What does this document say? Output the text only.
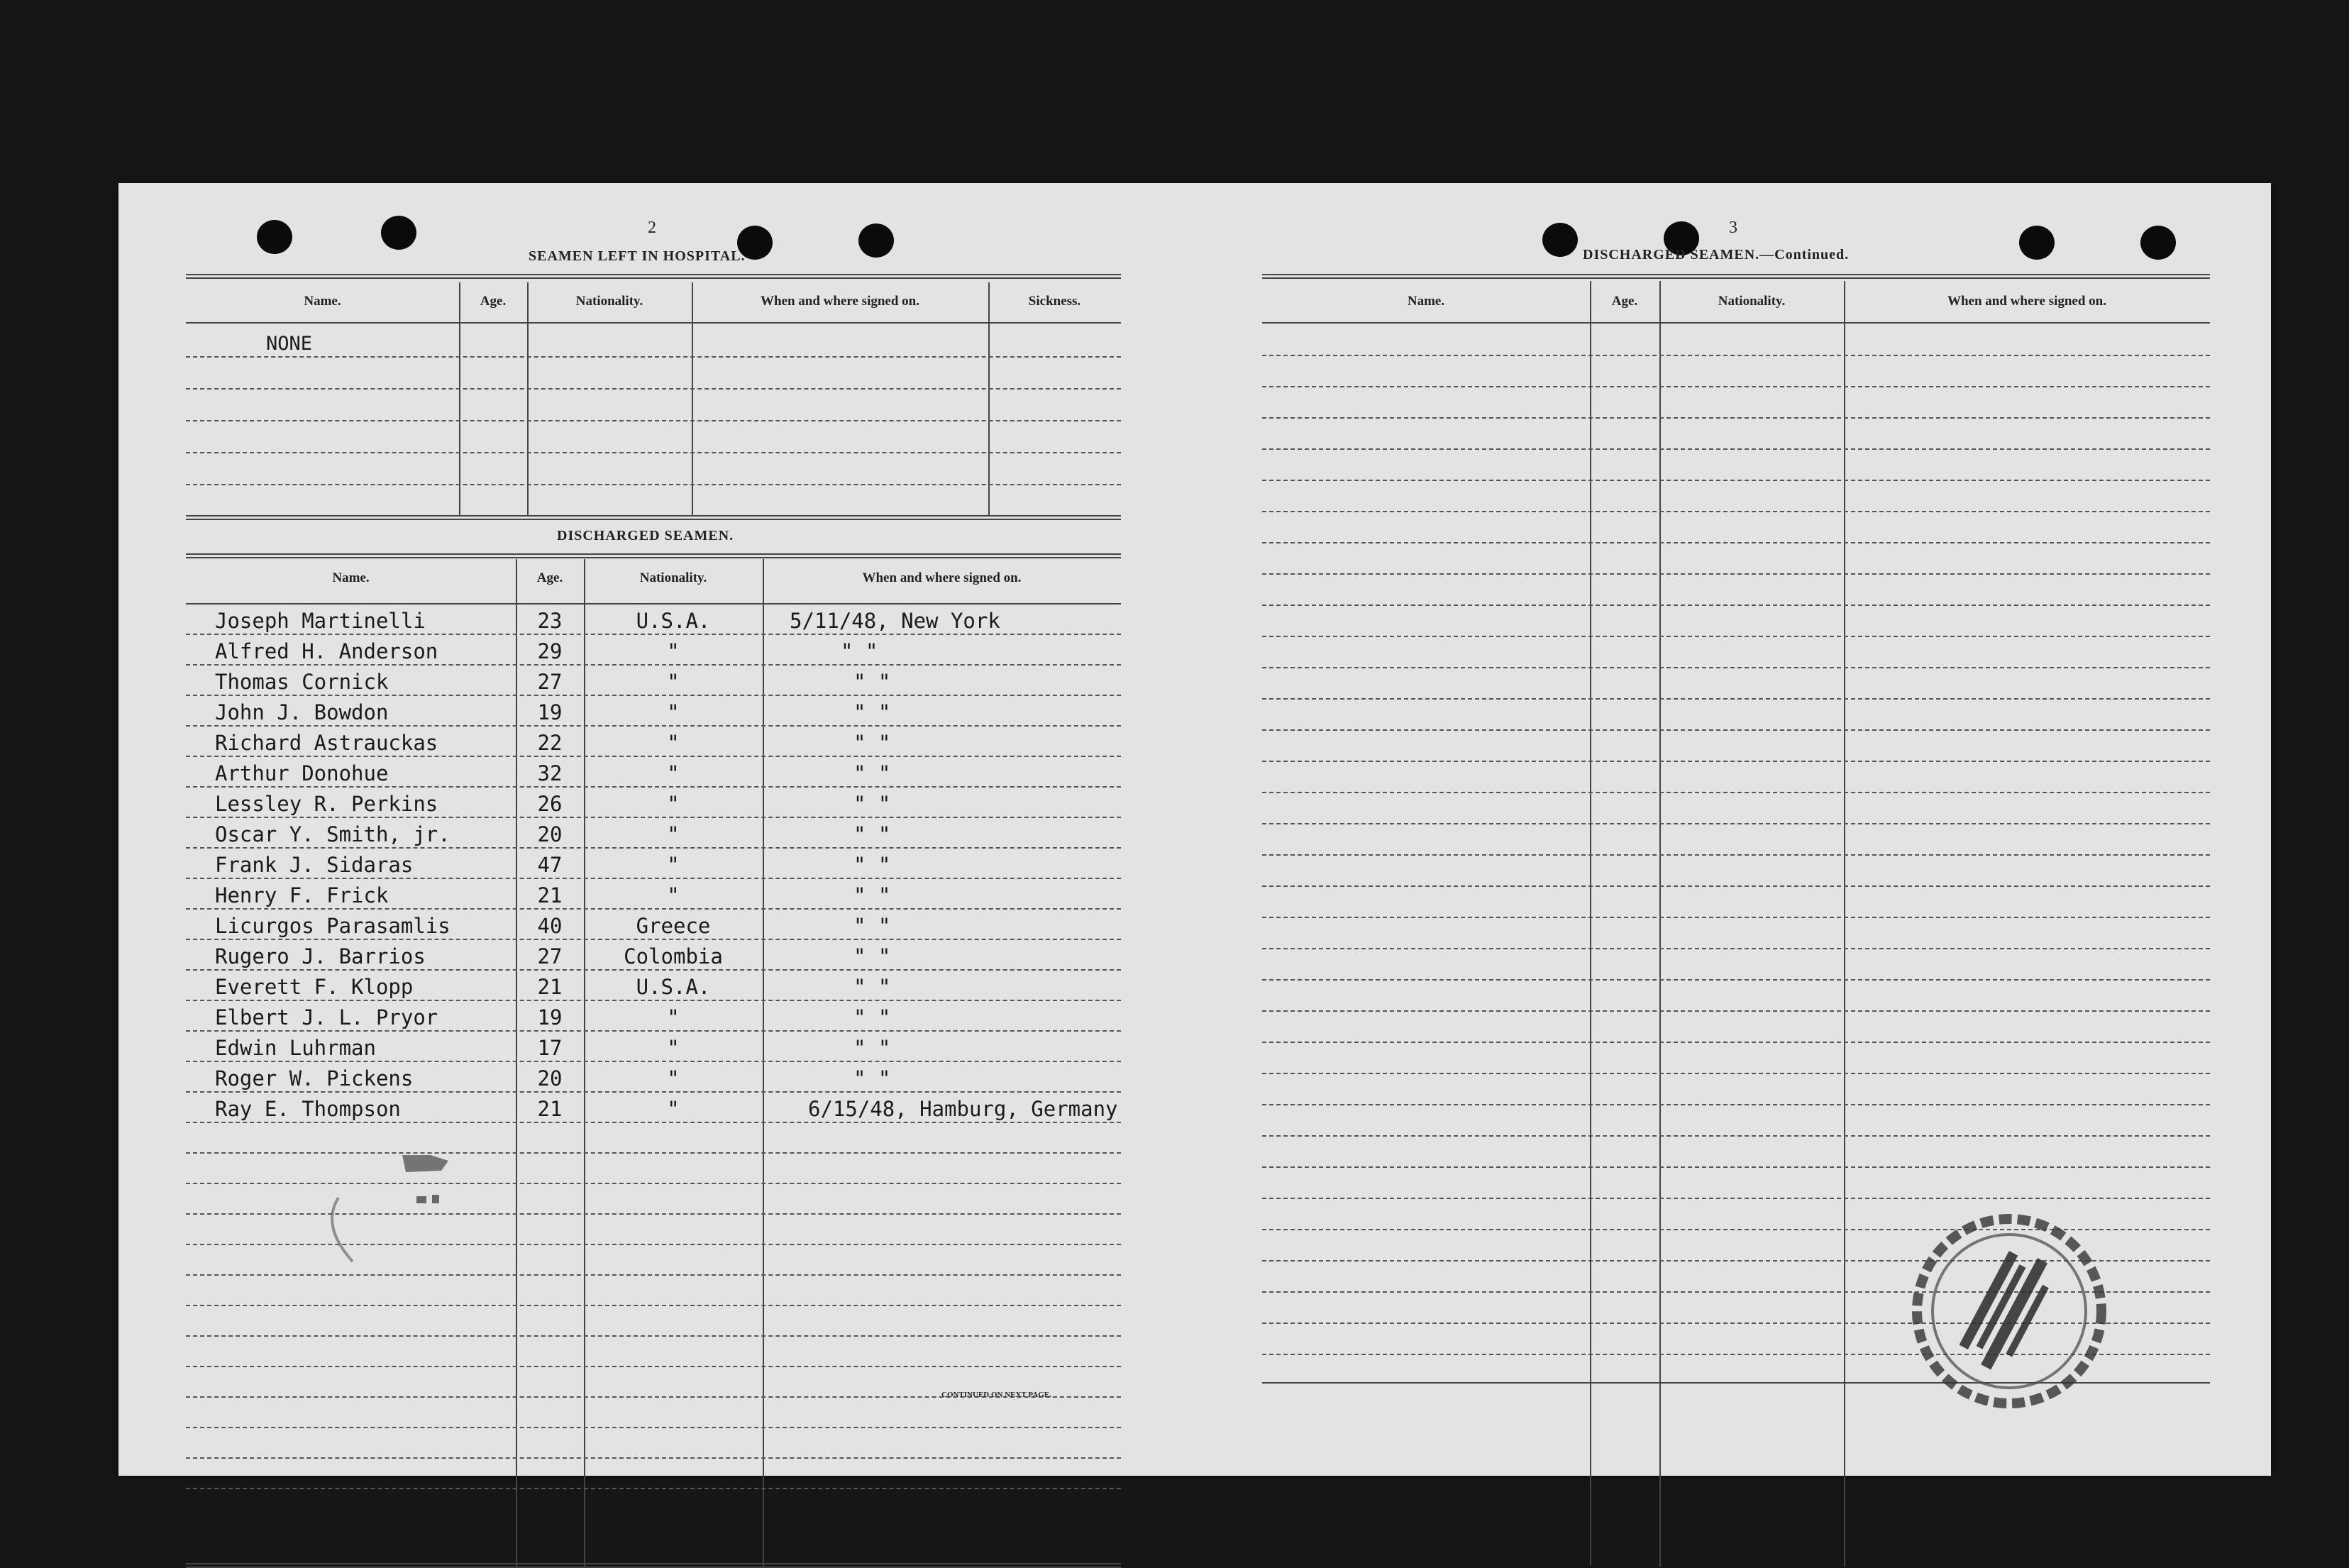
2
SEAMEN LEFT IN HOSPITAL.
Name.	Age.	Nationality.	When and where signed on.	Sickness.
NONE
DISCHARGED SEAMEN.
Name.	Age.	Nationality.	When and where signed on.
Joseph Martinelli	23	U.S.A.	5/11/48, New York
Alfred H. Anderson	29	"	" "
Thomas Cornick	27	"	" "
John J. Bowdon	19	"	" "
Richard Astrauckas	22	"	" "
Arthur Donohue	32	"	" "
Lessley R. Perkins	26	"	" "
Oscar Y. Smith, jr.	20	"	" "
Frank J. Sidaras	47	"	" "
Henry F. Frick	21	"	" "
Licurgos Parasamlis	40	Greece	" "
Rugero J. Barrios	27	Colombia	" "
Everett F. Klopp	21	U.S.A.	" "
Elbert J. L. Pryor	19	"	" "
Edwin Luhrman	17	"	" "
Roger W. Pickens	20	"	" "
Ray E. Thompson	21	"	6/15/48, Hamburg, Germany
CONTINUED ON NEXT PAGE.
3
DISCHARGED SEAMEN.—Continued.
Name.	Age.	Nationality.	When and where signed on.
